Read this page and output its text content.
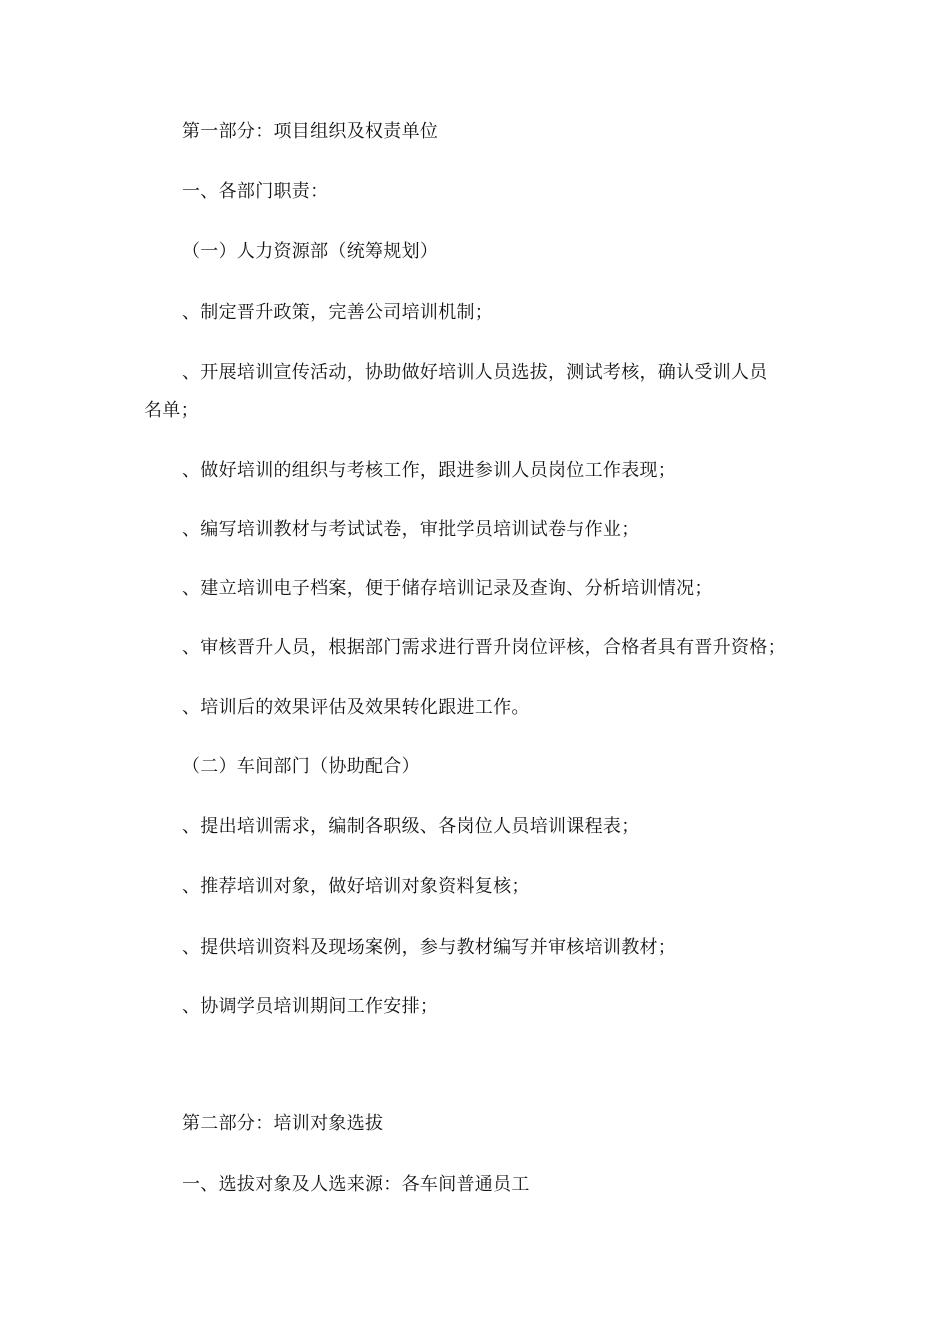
第一部分：项目组织及权责单位
一、各部门职责：
（一）人力资源部（统筹规划）
、制定晋升政策，完善公司培训机制；
、开展培训宣传活动，协助做好培训人员选拔，测试考核，确认受训人员
名单；
、做好培训的组织与考核工作，跟进参训人员岗位工作表现；
、编写培训教材与考试试卷，审批学员培训试卷与作业；
、建立培训电子档案，便于储存培训记录及查询、分析培训情况；
、审核晋升人员，根据部门需求进行晋升岗位评核，合格者具有晋升资格；
、培训后的效果评估及效果转化跟进工作。
（二）车间部门（协助配合）
、提出培训需求，编制各职级、各岗位人员培训课程表；
、推荐培训对象，做好培训对象资料复核；
、提供培训资料及现场案例，参与教材编写并审核培训教材；
、协调学员培训期间工作安排；
第二部分：培训对象选拔
一、选拔对象及人选来源：各车间普通员工
